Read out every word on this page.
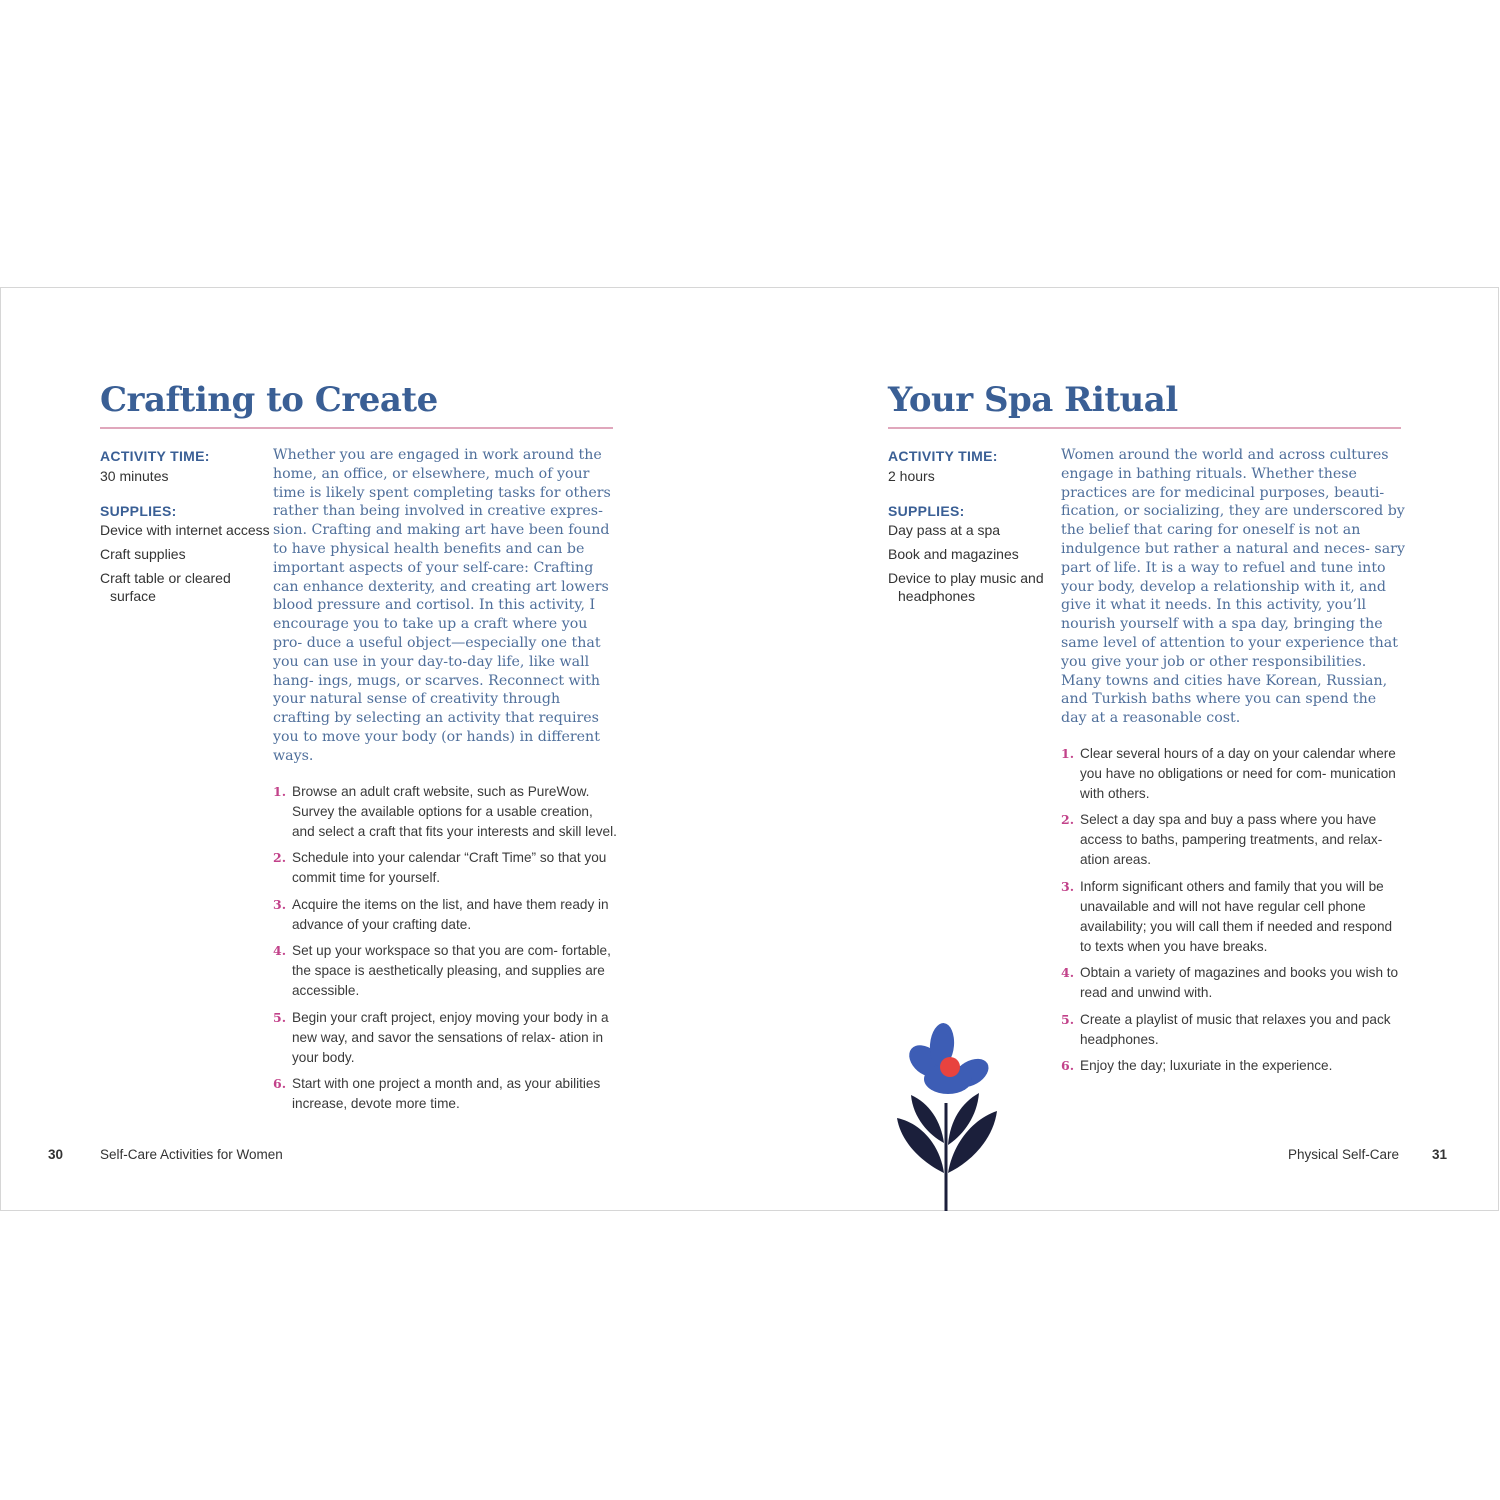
Crafting to Create
ACTIVITY TIME:
30 minutes
SUPPLIES:
Device with internet access
Craft supplies
Craft table or cleared surface

Whether you are engaged in work around the home, an office, or elsewhere, much of your time is likely spent completing tasks for others rather than being involved in creative expres- sion. Crafting and making art have been found to have physical health benefits and can be important aspects of your self-care: Crafting can enhance dexterity, and creating art lowers blood pressure and cortisol. In this activity, I encourage you to take up a craft where you pro- duce a useful object—especially one that you can use in your day-to-day life, like wall hang- ings, mugs, or scarves. Reconnect with your natural sense of creativity through crafting by selecting an activity that requires you to move your body (or hands) in different ways.

1. Browse an adult craft website, such as PureWow. Survey the available options for a usable creation, and select a craft that fits your interests and skill level.
2. Schedule into your calendar “Craft Time” so that you commit time for yourself.
3. Acquire the items on the list, and have them ready in advance of your crafting date.
4. Set up your workspace so that you are com- fortable, the space is aesthetically pleasing, and supplies are accessible.
5. Begin your craft project, enjoy moving your body in a new way, and savor the sensations of relax- ation in your body.
6. Start with one project a month and, as your abilities increase, devote more time.
Your Spa Ritual
ACTIVITY TIME:
2 hours
SUPPLIES:
Day pass at a spa
Book and magazines
Device to play music and headphones

Women around the world and across cultures engage in bathing rituals. Whether these practices are for medicinal purposes, beauti- fication, or socializing, they are underscored by the belief that caring for oneself is not an indulgence but rather a natural and neces- sary part of life. It is a way to refuel and tune into your body, develop a relationship with it, and give it what it needs. In this activity, you’ll nourish yourself with a spa day, bringing the same level of attention to your experience that you give your job or other responsibilities. Many towns and cities have Korean, Russian, and Turkish baths where you can spend the day at a reasonable cost.

1. Clear several hours of a day on your calendar where you have no obligations or need for com- munication with others.
2. Select a day spa and buy a pass where you have access to baths, pampering treatments, and relax- ation areas.
3. Inform significant others and family that you will be unavailable and will not have regular cell phone availability; you will call them if needed and respond to texts when you have breaks.
4. Obtain a variety of magazines and books you wish to read and unwind with.
5. Create a playlist of music that relaxes you and pack headphones.
6. Enjoy the day; luxuriate in the experience.
30	Self-Care Activities for Women	Physical Self-Care 31
